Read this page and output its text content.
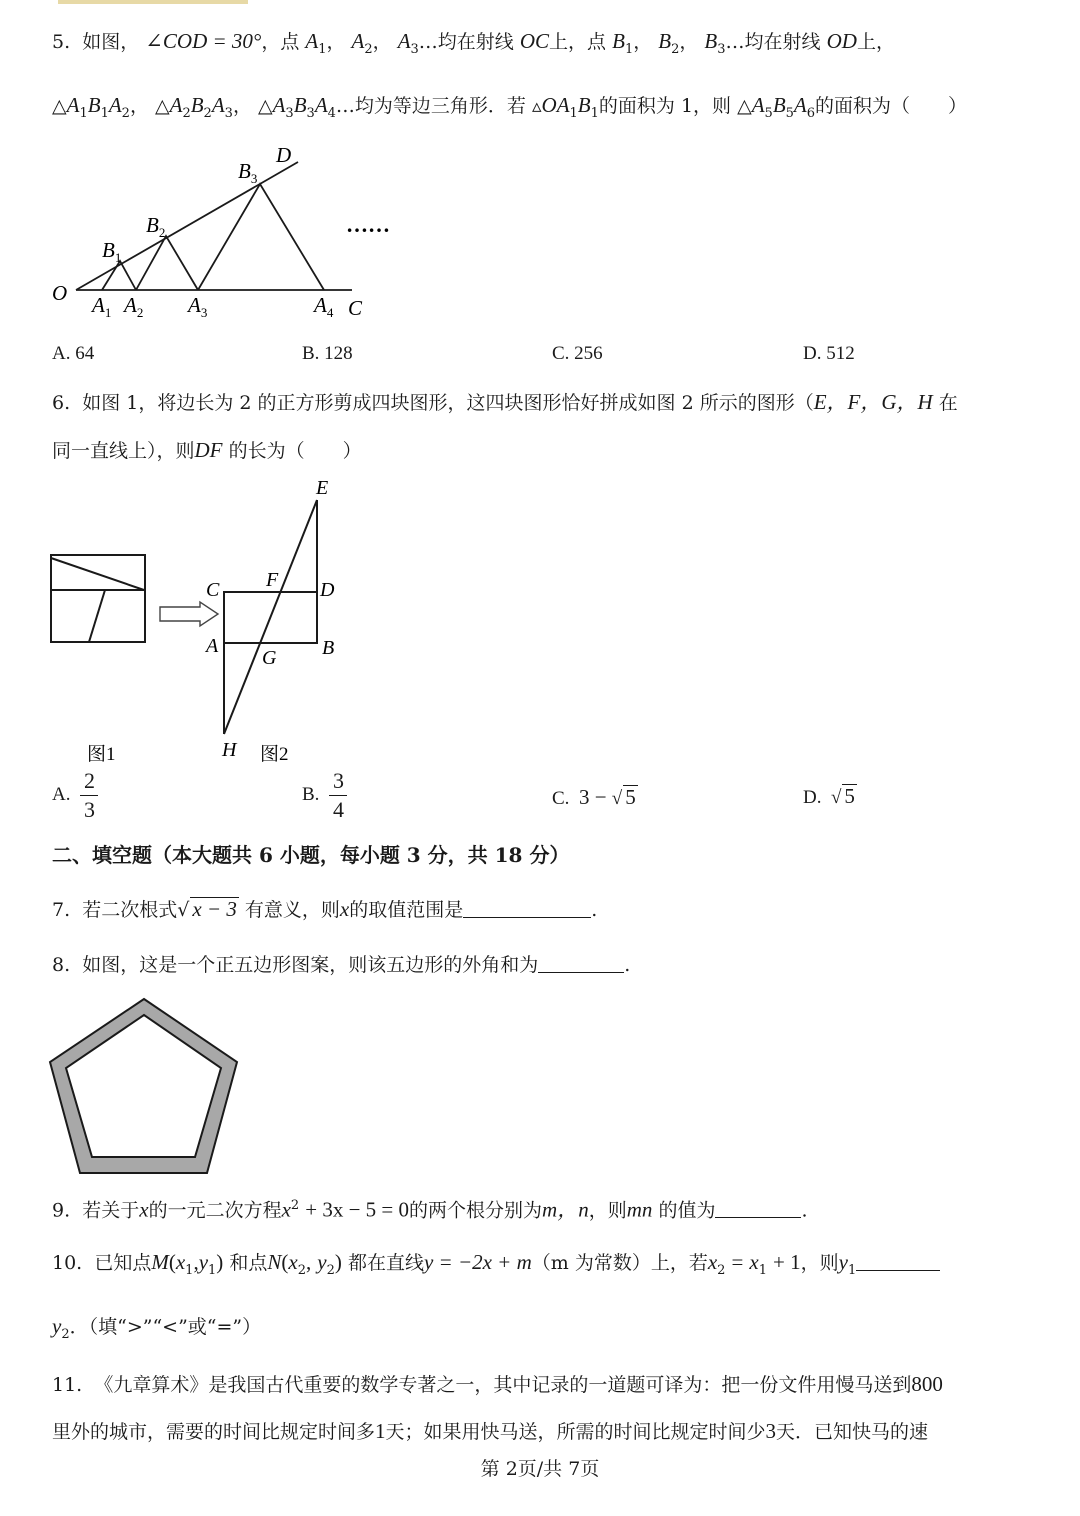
5. 如图， ∠COD = 30°，点 $A_1$， $A_2$， $A_3\dots$均在射线 OC上，点 $B_1$， $B_2$， $B_3\dots$均在射线 OD上，
$\triangle A_1B_1A_2$， $\triangle A_2B_2A_3$， $\triangle A_3B_3A_4\dots$均为等边三角形．若 $▵OA_1B_1$的面积为 1，则 $\triangle A_5B_5A_6$的面积为（　　）
O
C
D
$B_1$
$B_2$
$B_3$
$A_1$ $A_2$ $A_3$	$A_4$
……
A. 64	B. 128	C. 256	D. 512
6. 如图 1，将边长为 2 的正方形剪成四块图形，这四块图形恰好拼成如图 2 所示的图形（E，F，G，H 在
同一直线上），则DF 的长为（　　）
E
F
C	D
A
G B
H
图1	图2
A. $\frac{2}{3}$	B. $\frac{3}{4}$	C. 3 − √ 5	D.  √ 5
二、填空题（本大题共 6 小题，每小题 3 分，共 18 分）
7. 若二次根式√ x − 3 有意义，则x的取值范围是	.
8. 如图，这是一个正五边形图案，则该五边形的外角和为	.
9. 若关于x的一元二次方程$x^2 + 3x - 5 = 0$的两个根分别为m，n，则mn 的值为	.
10. 已知点$M(x_1,y_1)$ 和点$N(x_2$, $y_2$) 都在直线y = −2x + m（m 为常数）上，若$x_2 = x_1 + 1$，则$y_1$
$y_2$．（填“>”“<”或“=”）
11. 《九章算术》是我国古代重要的数学专著之一，其中记录的一道题可译为：把一份文件用慢马送到800
里外的城市，需要的时间比规定时间多1天；如果用快马送，所需的时间比规定时间少3天．已知快马的速
第 2页/共 7页
